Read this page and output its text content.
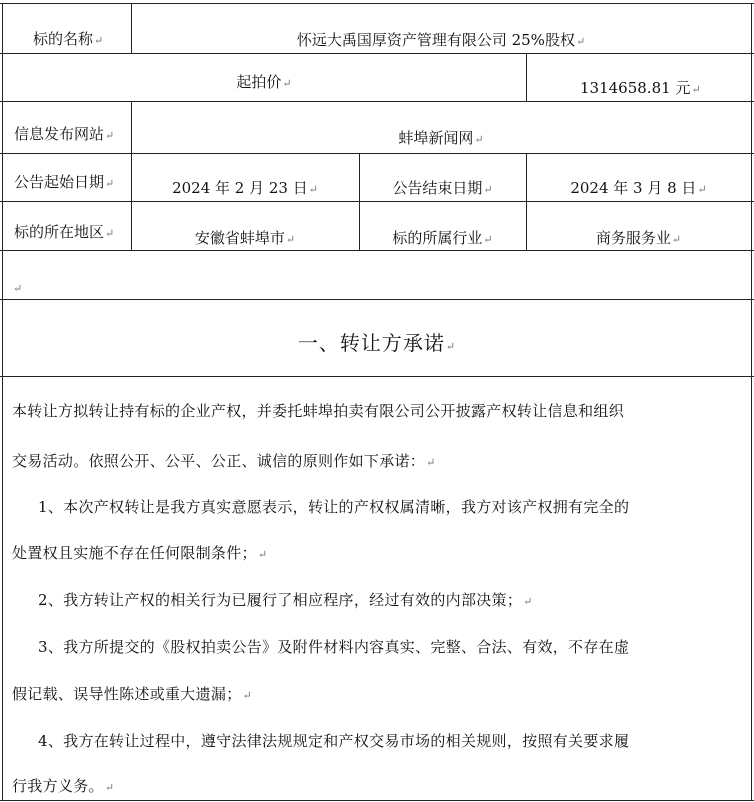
标的名称↵	怀远大禹国厚资产管理有限公司 25%股权↵
起拍价↵	1314658.81 元↵
信息发布网站↵	蚌埠新闻网↵
公告起始日期↵	2024 年 2 月 23 日↵	公告结束日期↵	2024 年 3 月 8 日↵
标的所在地区↵	安徽省蚌埠市↵	标的所属行业↵	商务服务业↵
↵
一、转让方承诺↵
本转让方拟转让持有标的企业产权，并委托蚌埠拍卖有限公司公开披露产权转让信息和组织
交易活动。依照公开、公平、公正、诚信的原则作如下承诺：↵
1、本次产权转让是我方真实意愿表示，转让的产权权属清晰，我方对该产权拥有完全的
处置权且实施不存在任何限制条件；↵
2、我方转让产权的相关行为已履行了相应程序，经过有效的内部决策；↵
3、我方所提交的《股权拍卖公告》及附件材料内容真实、完整、合法、有效，不存在虚
假记载、误导性陈述或重大遗漏；↵
4、我方在转让过程中，遵守法律法规规定和产权交易市场的相关规则，按照有关要求履
行我方义务。↵
